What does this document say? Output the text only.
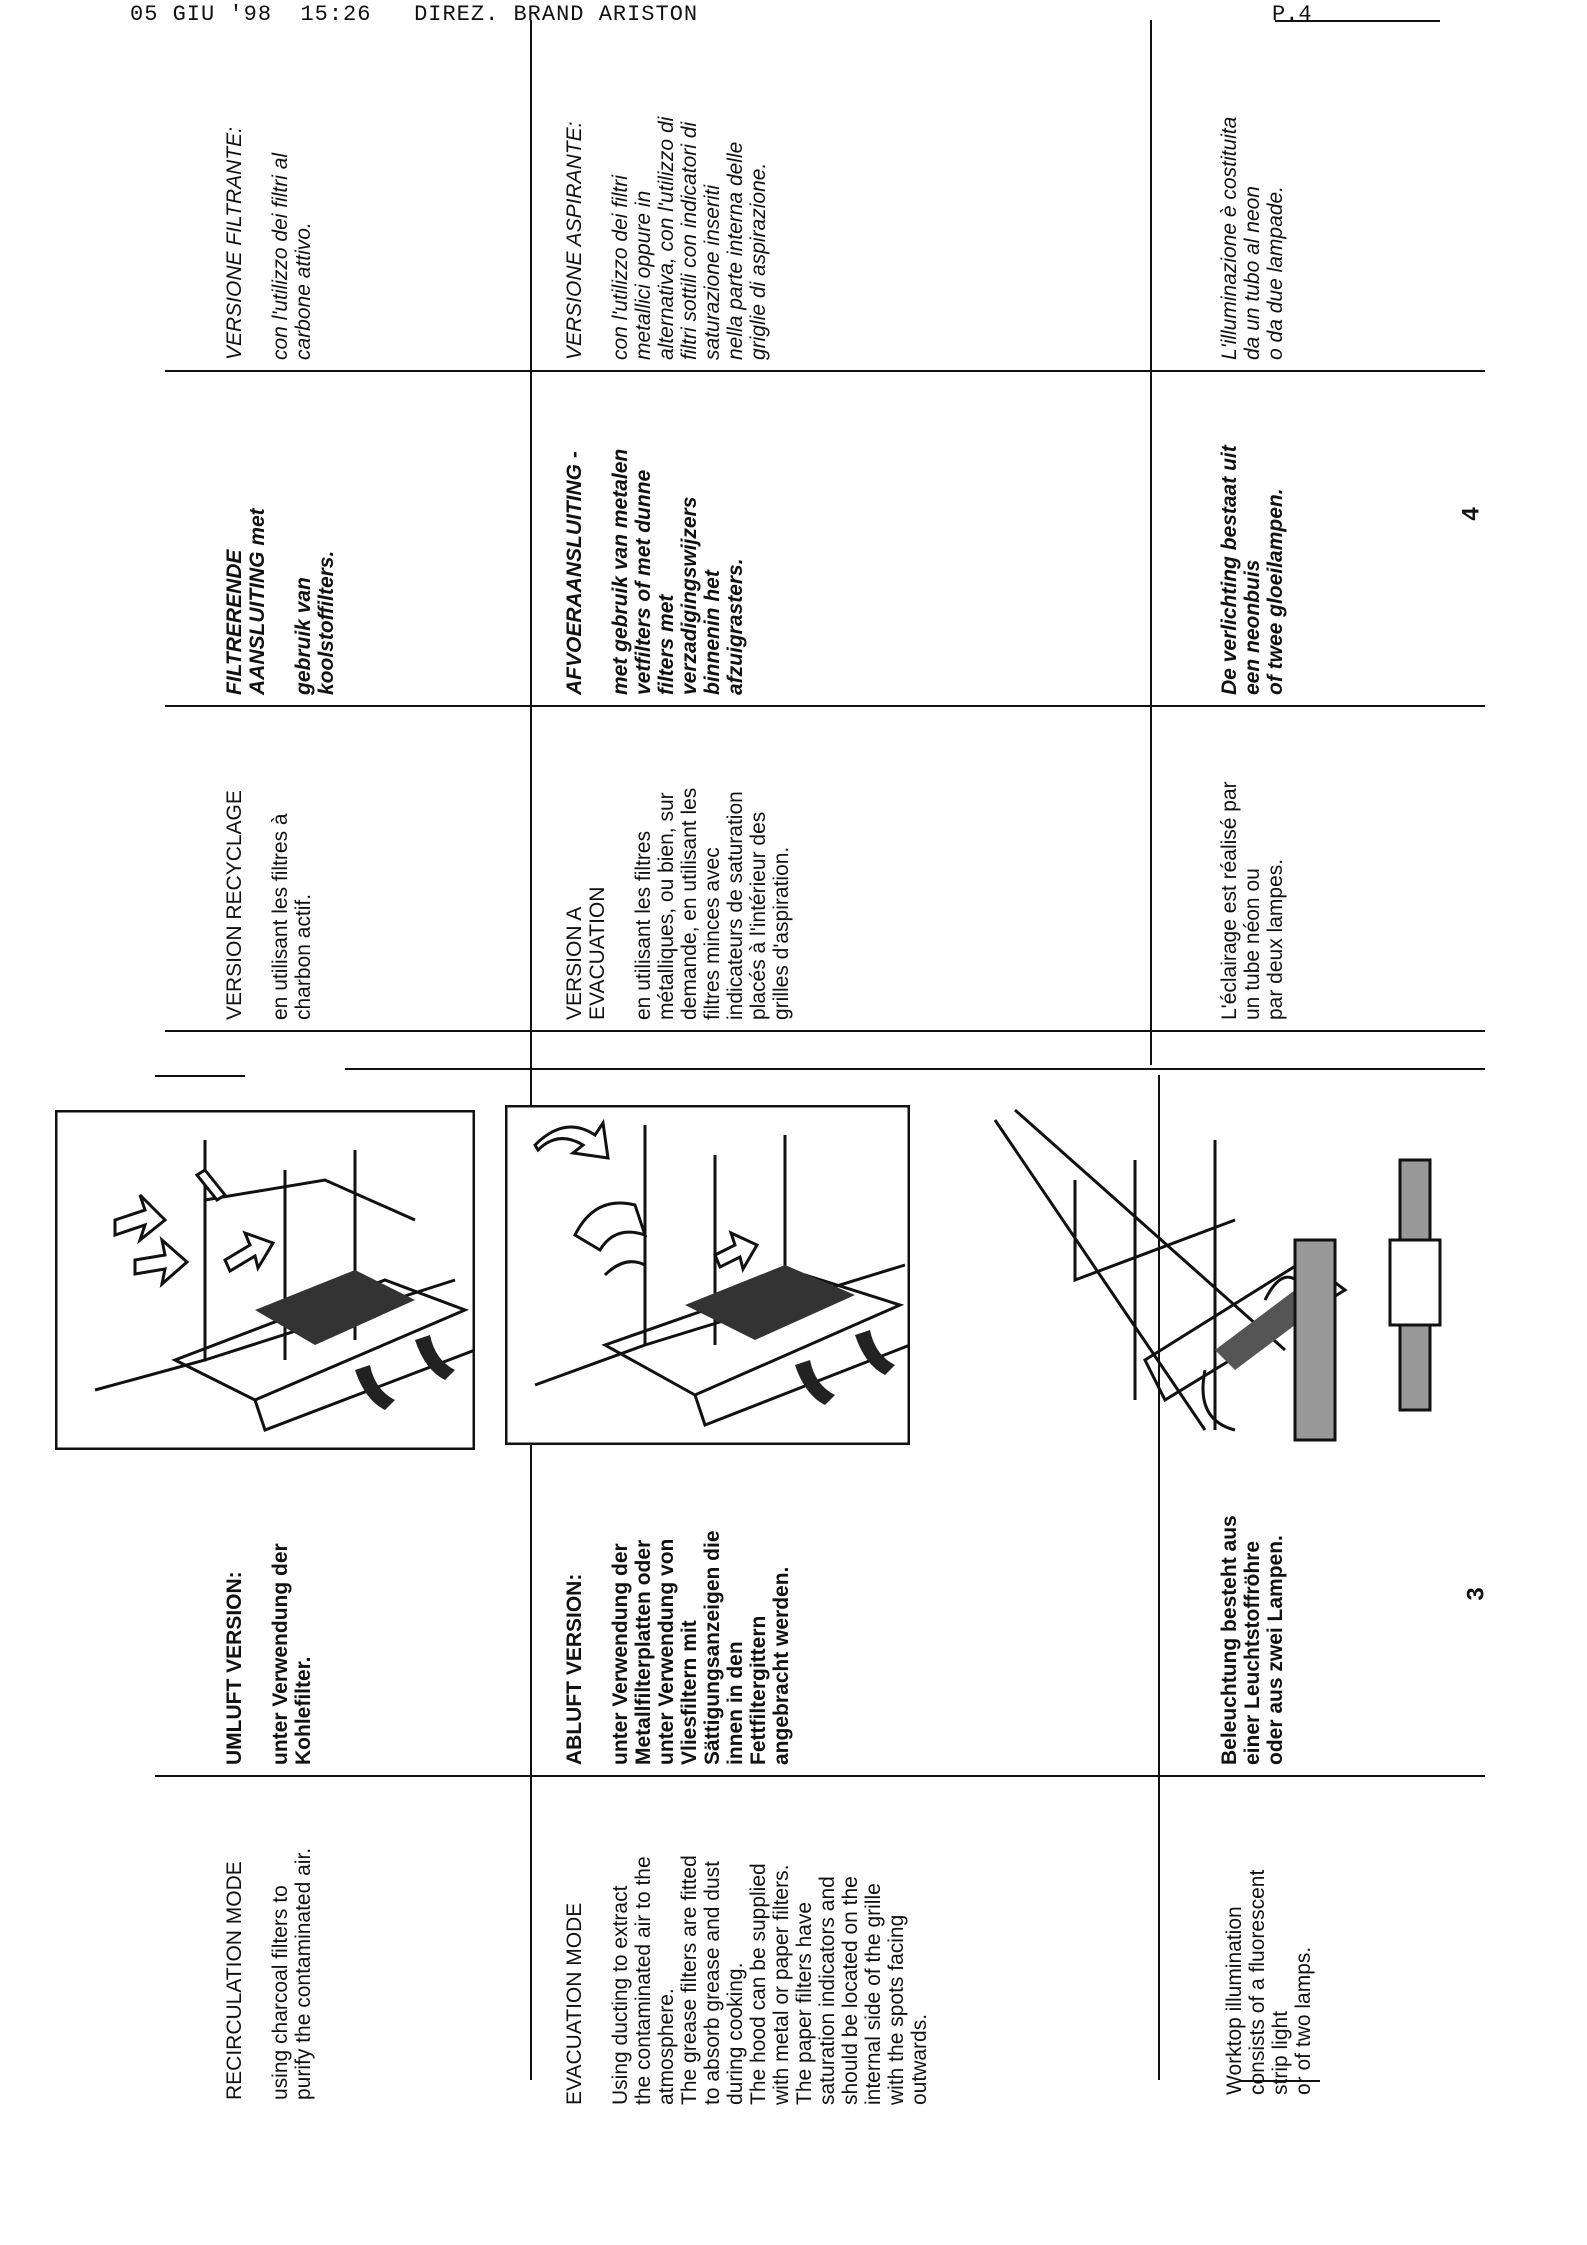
05 GIU '98 15:26 DIREZ. BRAND ARISTON	P.4

RECIRCULATION MODE using charcoal filters to
purify the contaminated air.

UMLUFT VERSION: unter Verwendung der
Kohlefilter.

VERSION RECYCLAGE en utilisant les filtres à
charbon actif.

FILTRERENDE
AANSLUITING met

gebruik van
koolstoffilters.

VERSIONE FILTRANTE: con l'utilizzo dei filtri al
carbone attivo.

EVACUATION MODE Using ducting to extract
the contaminated air to the
atmosphere.
The grease filters are fitted
to absorb grease and dust
during cooking.
The hood can be supplied
with metal or paper filters.
The paper filters have
saturation indicators and
should be located on the
internal side of the grille
with the spots facing
outwards.

ABLUFT VERSION: unter Verwendung der
Metallfilterplatten oder
unter Verwendung von
Vliesfiltern mit
Sättigungsanzeigen die
innen in den
Fettfiltergittern
angebracht werden.

VERSION A
EVACUATION en utilisant les filtres
métalliques, ou bien, sur
demande, en utilisant les
filtres minces avec
indicateurs de saturation
placés à l'intérieur des
grilles d'aspiration.

AFVOERAANSLUITING - met gebruik van metalen
vetfilters of met dunne
filters met
verzadigingswijzers
binnenin het
afzuigrasters.

VERSIONE ASPIRANTE: con l'utilizzo dei filtri
metallici oppure in
alternativa, con l'utilizzo di
filtri sottili con indicatori di
saturazione inseriti
nella parte interna delle
griglie di aspirazione.

Worktop illumination
consists of a fluorescent
strip light
or of two lamps.

Beleuchtung besteht aus
einer Leuchtstoffröhre
oder aus zwei Lampen.

L'éclairage est réalisé par
un tube néon ou
par deux lampes.

De verlichting bestaat uit
een neonbuis
of twee gloeilampen.

L'illuminazione è costituita
da un tubo al neon
o da due lampade.

3
4
